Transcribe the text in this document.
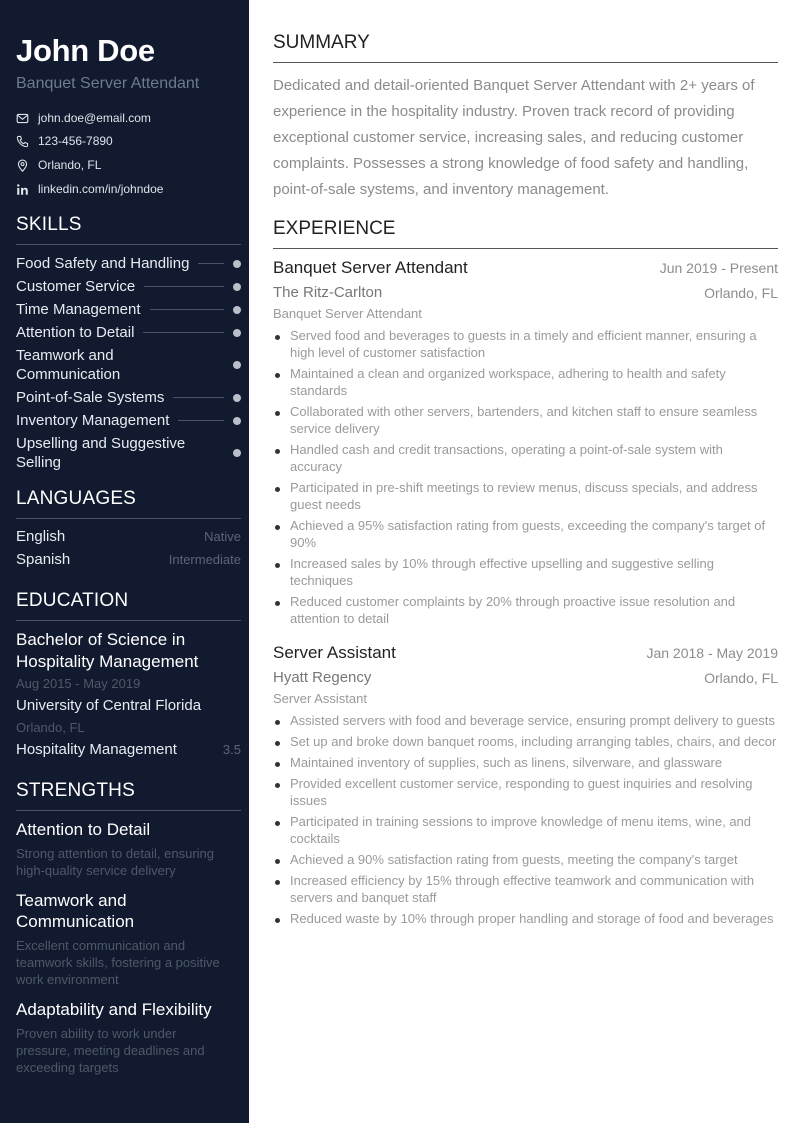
John Doe
Banquet Server Attendant
john.doe@email.com
123-456-7890
Orlando, FL
linkedin.com/in/johndoe
SKILLS
Food Safety and Handling
Customer Service
Time Management
Attention to Detail
Teamwork and Communication
Point-of-Sale Systems
Inventory Management
Upselling and Suggestive Selling
LANGUAGES
English	Native
Spanish	Intermediate
EDUCATION
Bachelor of Science in Hospitality Management
Aug 2015 - May 2019
University of Central Florida
Orlando, FL
Hospitality Management	3.5
STRENGTHS
Attention to Detail
Strong attention to detail, ensuring high-quality service delivery
Teamwork and Communication
Excellent communication and teamwork skills, fostering a positive work environment
Adaptability and Flexibility
Proven ability to work under pressure, meeting deadlines and exceeding targets
SUMMARY
Dedicated and detail-oriented Banquet Server Attendant with 2+ years of experience in the hospitality industry. Proven track record of providing exceptional customer service, increasing sales, and reducing customer complaints. Possesses a strong knowledge of food safety and handling, point-of-sale systems, and inventory management.
EXPERIENCE
Banquet Server Attendant	Jun 2019 - Present
The Ritz-Carlton	Orlando, FL
Banquet Server Attendant
Served food and beverages to guests in a timely and efficient manner, ensuring a high level of customer satisfaction
Maintained a clean and organized workspace, adhering to health and safety standards
Collaborated with other servers, bartenders, and kitchen staff to ensure seamless service delivery
Handled cash and credit transactions, operating a point-of-sale system with accuracy
Participated in pre-shift meetings to review menus, discuss specials, and address guest needs
Achieved a 95% satisfaction rating from guests, exceeding the company's target of 90%
Increased sales by 10% through effective upselling and suggestive selling techniques
Reduced customer complaints by 20% through proactive issue resolution and attention to detail
Server Assistant	Jan 2018 - May 2019
Hyatt Regency	Orlando, FL
Server Assistant
Assisted servers with food and beverage service, ensuring prompt delivery to guests
Set up and broke down banquet rooms, including arranging tables, chairs, and decor
Maintained inventory of supplies, such as linens, silverware, and glassware
Provided excellent customer service, responding to guest inquiries and resolving issues
Participated in training sessions to improve knowledge of menu items, wine, and cocktails
Achieved a 90% satisfaction rating from guests, meeting the company's target
Increased efficiency by 15% through effective teamwork and communication with servers and banquet staff
Reduced waste by 10% through proper handling and storage of food and beverages
